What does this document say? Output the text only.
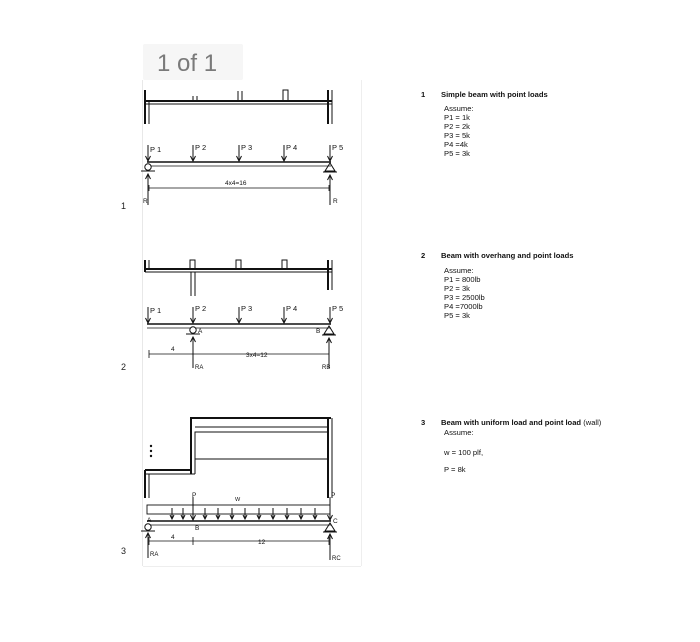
1 of 1
1
2
3
P 1	P 2	P 3	P 4	P 5
4x4=16
R	R
P 1	P 2	P 3	P 4	P 5
A	B
4
3x4=12
RA	RB
P
W
P
A
B
C
4
12
RA
RC
1 Simple beam with point loads
Assume:
P1 = 1k
P2 = 2k
P3 = 5k
P4 =4k
P5 = 3k
2 Beam with overhang and point loads
Assume:
P1 = 800lb
P2 = 3k
P3 = 2500lb
P4 =7000lb
P5 = 3k
3 Beam with uniform load and point load (wall)
Assume:
w = 100 plf,
P = 8k
